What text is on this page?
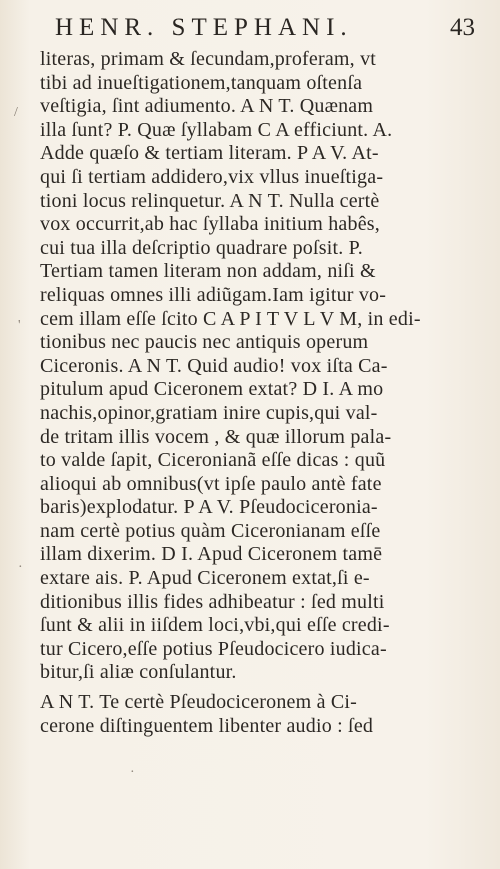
HENR. STEPHANI.	43
/
'
·
·
literas, primam & ſecundam,proferam, vt
tibi ad inueſtigationem,tanquam oſtenſa
veſtigia, ſint adiumento. A N T. Quænam
illa ſunt? P. Quæ ſyllabam C A efficiunt. A.
Adde quæſo & tertiam literam. P A V. At-
qui ſi tertiam addidero,vix vllus inueſtiga-
tioni locus relinquetur. A N T. Nulla certè
vox occurrit,ab hac ſyllaba initium habês,
cui tua illa deſcriptio quadrare poſsit. P.
Tertiam tamen literam non addam, niſi &
reliquas omnes illi adiũgam.Iam igitur vo-
cem illam eſſe ſcito C A P I T V L V M, in edi-
tionibus nec paucis nec antiquis operum
Ciceronis. A N T. Quid audio! vox iſta Ca-
pitulum apud Ciceronem extat? D I. A mo
nachis,opinor,gratiam inire cupis,qui val-
de tritam illis vocem , & quæ illorum pala-
to valde ſapit, Ciceronianã eſſe dicas : quũ
alioqui ab omnibus(vt ipſe paulo antè fate
baris)explodatur. P A V. Pſeudociceronia-
nam certè potius quàm Ciceronianam eſſe
illam dixerim. D I. Apud Ciceronem tamē
extare ais. P. Apud Ciceronem extat,ſi e-
ditionibus illis fides adhibeatur : ſed multi
ſunt & alii in iiſdem loci,vbi,qui eſſe credi-
tur Cicero,eſſe potius Pſeudocicero iudica-
bitur,ſi aliæ conſulantur.
A N T. Te certè Pſeudociceronem à Ci-
cerone diſtinguentem libenter audio : ſed
